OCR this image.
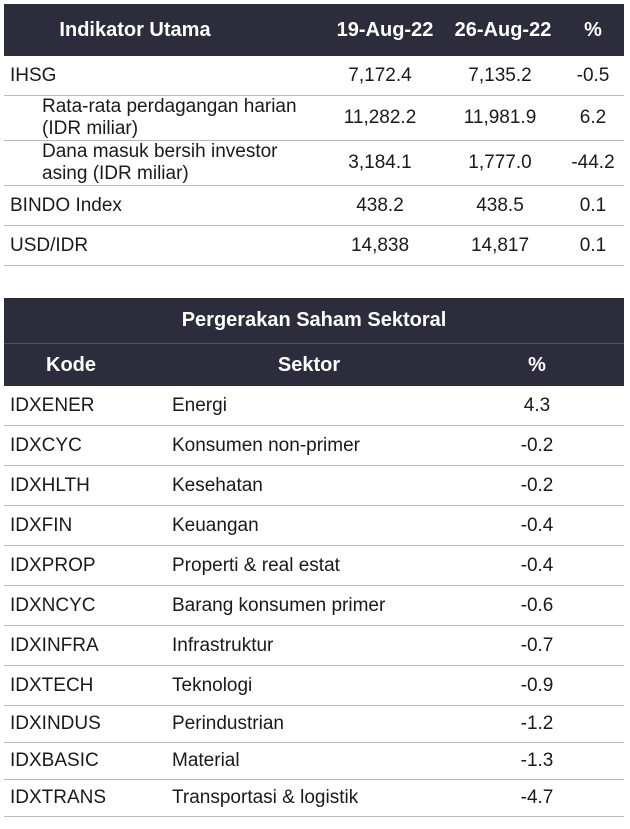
Indikator Utama	19-Aug-22	26-Aug-22	%
IHSG	7,172.4	7,135.2	-0.5
Rata-rata perdagangan harian
(IDR miliar)
11,282.2	11,981.9	6.2
Dana masuk bersih investor
asing (IDR miliar)
3,184.1	1,777.0	-44.2
BINDO Index	438.2	438.5	0.1
USD/IDR	14,838	14,817	0.1
Pergerakan Saham Sektoral
Kode	Sektor	%
IDXENER	Energi	4.3
IDXCYC	Konsumen non-primer	-0.2
IDXHLTH	Kesehatan	-0.2
IDXFIN	Keuangan	-0.4
IDXPROP	Properti & real estat	-0.4
IDXNCYC	Barang konsumen primer	-0.6
IDXINFRA	Infrastruktur	-0.7
IDXTECH	Teknologi	-0.9
IDXINDUS	Perindustrian	-1.2
IDXBASIC	Material	-1.3
IDXTRANS	Transportasi & logistik	-4.7
